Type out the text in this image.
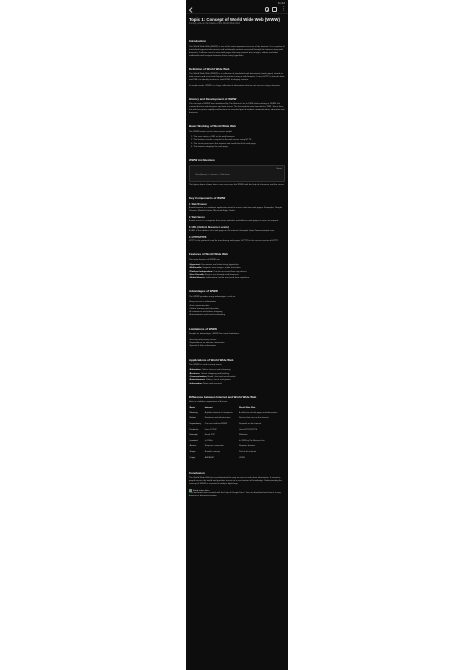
11:22
⋮
Topic 1: Concept of World Wide Web (WWW)
A study note on the basics of the World Wide Web
Introduction

The World Wide Web (WWW) is one of the most important services of the internet. It is a system of interlinked hypertext documents and multimedia content accessed through the internet using web browsers. It allows users to view web pages that may contain text, images, videos and other multimedia and navigate between them using hyperlinks.

Definition of World Wide Web

The World Wide Web (WWW) is a collection of interlinked web documents (web pages) stored on web servers and accessed through the internet using a web browser. It uses HTTP to transfer data and URLs to identify resources, and HTML to display content.

In simple words, WWW is a huge collection of information that we can access using a browser.

History and Development of WWW

The concept of WWW was introduced by Tim Berners-Lee in 1989 while working at CERN. He created the first web browser and web server. The first website was launched in 1991. Since then, the web has grown rapidly and become an essential part of modern communication, education and business.

Basic Working of World Wide Web

The WWW works on the client-server model:

The user enters a URL in the web browser.
The browser sends a request to the web server using HTTP.
The server processes the request and sends back the web page.
The browser displays the web page.
WWW Architecture
Server
Client (Browser) <--> Internet <--> Web Server

The figure above shows how a user accesses the WWW with the help of a browser and the server.

Key Components of WWW
1. Web Browser

A web browser is a software application used to access and view web pages. Examples: Google Chrome, Mozilla Firefox, Microsoft Edge, Safari.

2. Web Server

A web server is a computer that stores websites and delivers web pages to users on request.

3. URL (Uniform Resource Locator)

A URL is the address of a web page on the internet. Example: https://www.example.com

4. HTTP/HTTPS

HTTP is the protocol used for transferring web pages. HTTPS is the secure version of HTTP.

Features of World Wide Web

The main features of WWW are:

• Hypertext: Documents are linked using hyperlinks.
• Multimedia: Supports text, images, audio and video.
• Platform Independent: Can be accessed from any device.
• User Friendly: Easy to use through web browsers.
• Global Access: Information can be accessed from anywhere.
Advantages of WWW

The WWW provides many advantages, such as:

• Easy access to information
• Fast communication
• Online learning and education
• E-commerce and online shopping
• Entertainment and social networking
Limitations of WWW

Despite its advantages, WWW has some limitations:

• Security and privacy issues
• Dependence on internet connection
• Spread of false information
Applications of World Wide Web

The WWW is used in many areas:

• Education: Online classes and e-learning
• Business: Online shopping and banking
• Communication: Email, chat and social media
• Entertainment: Videos, music and games
• Information: News and research
Difference between Internet and World Wide Web

Here is a tabular comparison of the two:

Basis	Internet	World Wide Web
Meaning	A global network of computers	A collection of web pages and documents
Nature	Hardware and infrastructure	Service that runs on the internet
Dependency	Can exist without WWW	Depends on the internet
Protocols	Uses TCP/IP	Uses HTTP/HTTPS
Example	Email, FTP	Websites
Invented	In 1960s	In 1989 by Tim Berners-Lee
Access	Requires connection	Requires browser
Scope	Broader concept	Part of the internet
Origin	ARPANET	CERN
Conclusion

The World Wide Web has revolutionized the way we access and share information. It connects people across the world and provides access to a vast amount of knowledge. Understanding the concept of WWW is essential in today's digital age.

Study notes.docx

This document was created with the help of Google Docs. You can download and view it in any browser or document viewer.
